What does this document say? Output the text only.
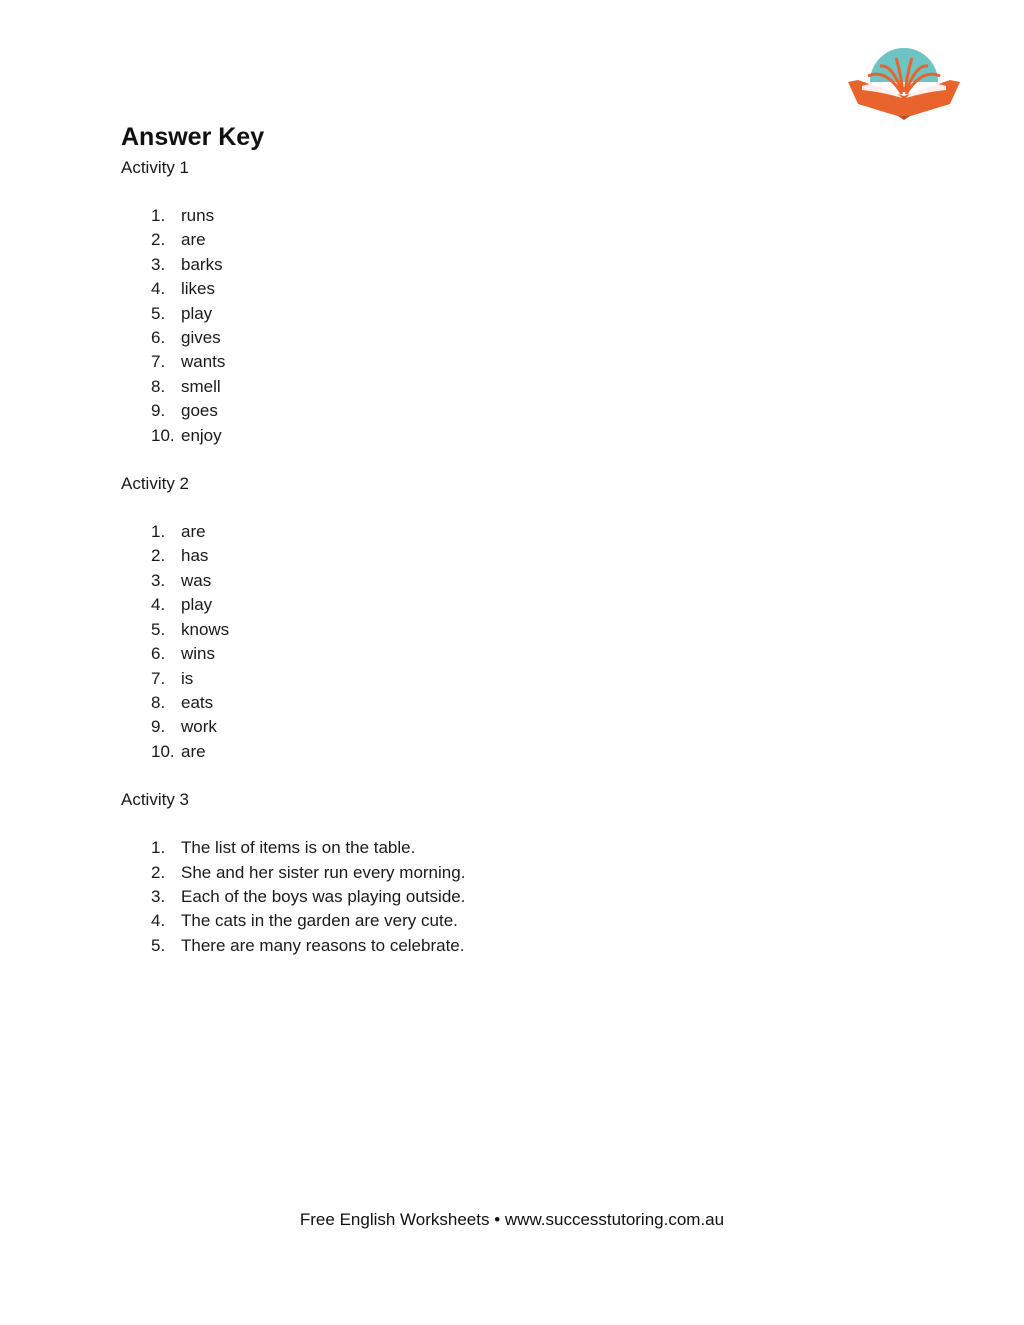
Answer Key

Activity 1

1. runs
2. are
3. barks
4. likes
5. play
6. gives
7. wants
8. smell
9. goes
10. enjoy

Activity 2

1. are
2. has
3. was
4. play
5. knows
6. wins
7. is
8. eats
9. work
10. are

Activity 3

1. The list of items is on the table.
2. She and her sister run every morning.
3. Each of the boys was playing outside.
4. The cats in the garden are very cute.
5. There are many reasons to celebrate.
Free English Worksheets • www.successtutoring.com.au
